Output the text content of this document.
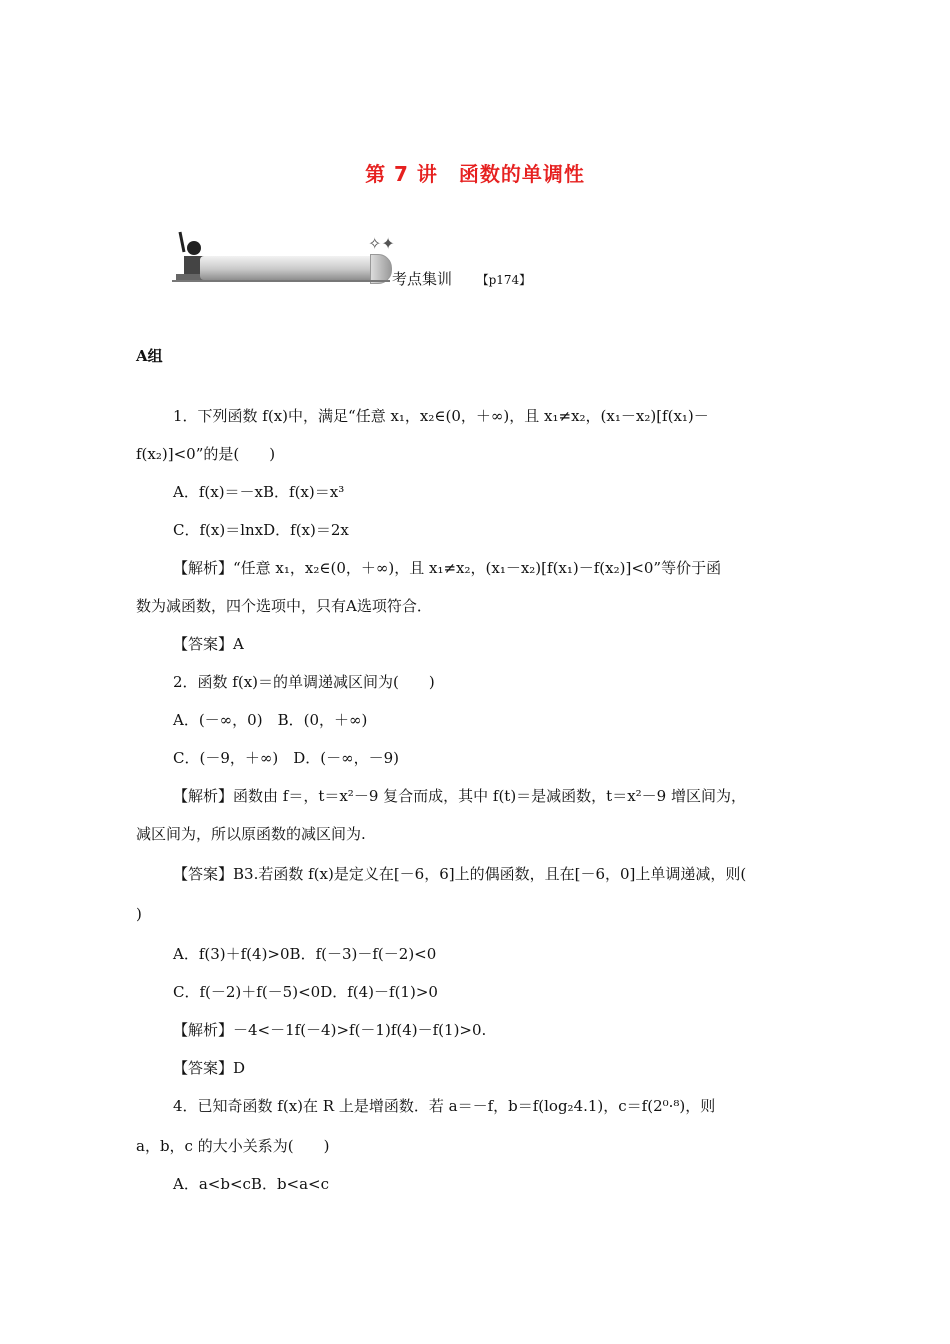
第 7 讲　函数的单调性
✧✦
考点集训 　 【p174】
A组
1．下列函数 f(x)中，满足“任意 x₁，x₂∈(0，＋∞)，且 x₁≠x₂，(x₁－x₂)[f(x₁)－
f(x₂)]<0”的是(　　)
A．f(x)＝－xB．f(x)＝x³
C．f(x)＝lnxD．f(x)＝2x
【解析】“任意 x₁，x₂∈(0，＋∞)，且 x₁≠x₂，(x₁－x₂)[f(x₁)－f(x₂)]<0”等价于函
数为减函数，四个选项中，只有A选项符合．
【答案】A
2．函数 f(x)＝的单调递减区间为(　　)
A．(－∞，0)　B．(0，＋∞)
C．(－9，＋∞)　D．(－∞，－9)
【解析】函数由 f＝，t＝x²－9 复合而成，其中 f(t)＝是减函数，t＝x²－9 增区间为，
减区间为，所以原函数的减区间为.
【答案】B3.若函数 f(x)是定义在[－6，6]上的偶函数，且在[－6，0]上单调递减，则(
)
A．f(3)＋f(4)>0B．f(－3)－f(－2)<0
C．f(－2)＋f(－5)<0D．f(4)－f(1)>0
【解析】－4<－1f(－4)>f(－1)f(4)－f(1)>0.
【答案】D
4．已知奇函数 f(x)在 R 上是增函数．若 a＝－f，b＝f(log₂4.1)，c＝f(2⁰·⁸)，则
a，b，c 的大小关系为(　　)
A．a<b<cB．b<a<c
